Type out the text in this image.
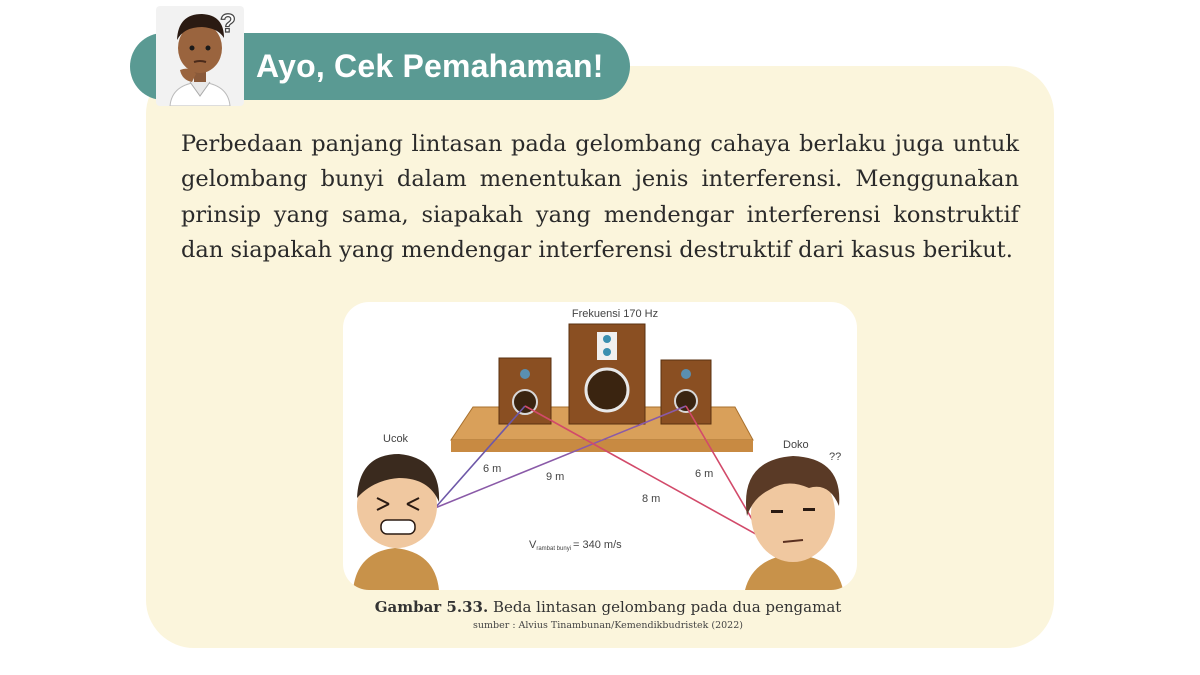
?
Ayo, Cek Pemahaman!

Perbedaan panjang lintasan pada gelombang cahaya berlaku juga untuk gelombang bunyi dalam menentukan jenis interferensi. Menggunakan prinsip yang sama, siapakah yang mendengar interferensi konstruktif dan siapakah yang mendengar interferensi destruktif dari kasus berikut.

Frekuensi 170 Hz
6 m
9 m	6 m
8 m
Ucok	Doko
??
Vrambat bunyi = 340 m/s
Gambar 5.33. Beda lintasan gelombang pada dua pengamat
sumber : Alvius Tinambunan/Kemendikbudristek (2022)
